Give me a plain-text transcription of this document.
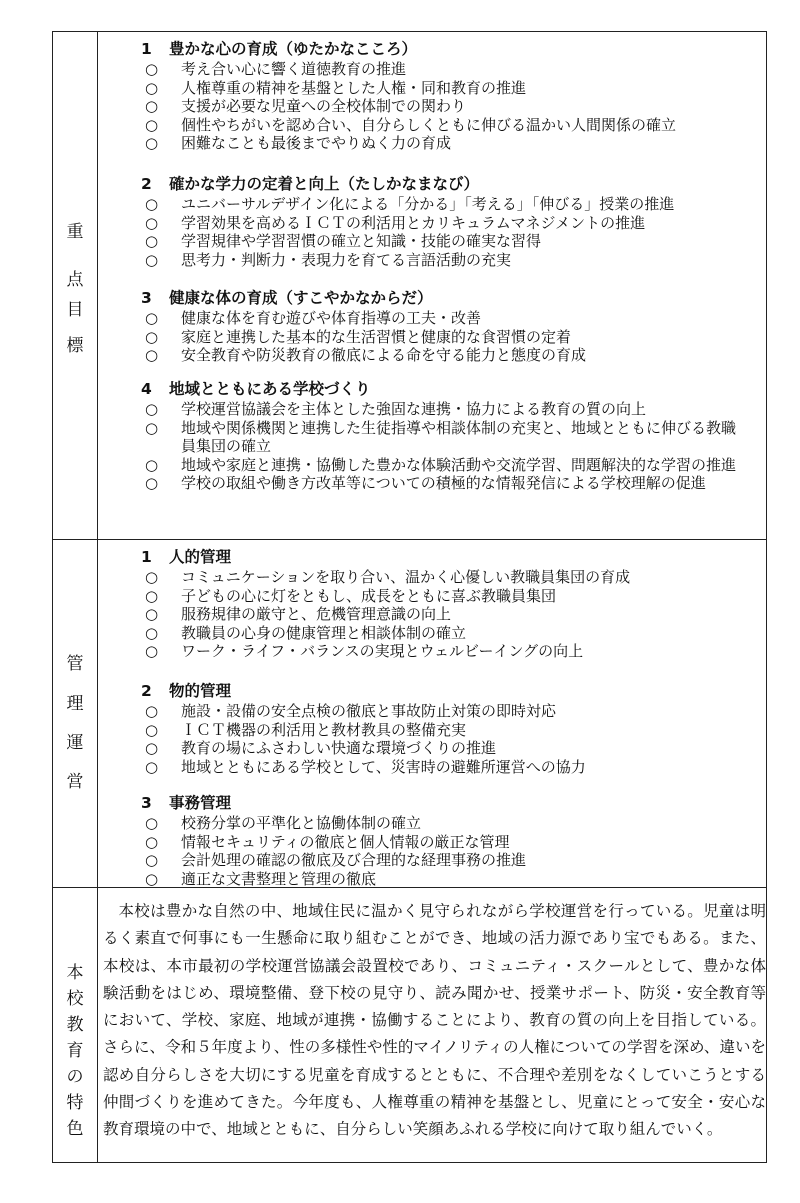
重
点
目
標
1 豊かな心の育成（ゆたかなこころ）
○ 考え合い心に響く道徳教育の推進
○ 人権尊重の精神を基盤とした人権・同和教育の推進
○ 支援が必要な児童への全校体制での関わり
○ 個性やちがいを認め合い、自分らしくともに伸びる温かい人間関係の確立
○ 困難なことも最後までやりぬく力の育成
2 確かな学力の定着と向上（たしかなまなび）
○ ユニバーサルデザイン化による「分かる」「考える」「伸びる」授業の推進
○ 学習効果を高めるＩＣＴの利活用とカリキュラムマネジメントの推進
○ 学習規律や学習習慣の確立と知識・技能の確実な習得
○ 思考力・判断力・表現力を育てる言語活動の充実
3 健康な体の育成（すこやかなからだ）
○ 健康な体を育む遊びや体育指導の工夫・改善
○ 家庭と連携した基本的な生活習慣と健康的な食習慣の定着
○ 安全教育や防災教育の徹底による命を守る能力と態度の育成
4 地域とともにある学校づくり
○ 学校運営協議会を主体とした強固な連携・協力による教育の質の向上
○ 地域や関係機関と連携した生徒指導や相談体制の充実と、地域とともに伸びる教職員集団の確立
○ 地域や家庭と連携・協働した豊かな体験活動や交流学習、問題解決的な学習の推進
○ 学校の取組や働き方改革等についての積極的な情報発信による学校理解の促進
管
理
運
営
1 人的管理
○ コミュニケーションを取り合い、温かく心優しい教職員集団の育成
○ 子どもの心に灯をともし、成長をともに喜ぶ教職員集団
○ 服務規律の厳守と、危機管理意識の向上
○ 教職員の心身の健康管理と相談体制の確立
○ ワーク・ライフ・バランスの実現とウェルビーイングの向上
2 物的管理
○ 施設・設備の安全点検の徹底と事故防止対策の即時対応
○ ＩＣＴ機器の利活用と教材教具の整備充実
○ 教育の場にふさわしい快適な環境づくりの推進
○ 地域とともにある学校として、災害時の避難所運営への協力
3 事務管理
○ 校務分掌の平準化と協働体制の確立
○ 情報セキュリティの徹底と個人情報の厳正な管理
○ 会計処理の確認の徹底及び合理的な経理事務の推進
○ 適正な文書整理と管理の徹底
本
校
教
育
の
特
色
本校は豊かな自然の中、地域住民に温かく見守られながら学校運営を行っている。児童は明るく素直で何事にも一生懸命に取り組むことができ、地域の活力源であり宝でもある。また、本校は、本市最初の学校運営協議会設置校であり、コミュニティ・スクールとして、豊かな体験活動をはじめ、環境整備、登下校の見守り、読み聞かせ、授業サポート、防災・安全教育等において、学校、家庭、地域が連携・協働することにより、教育の質の向上を目指している。さらに、令和５年度より、性の多様性や性的マイノリティの人権についての学習を深め、違いを認め自分らしさを大切にする児童を育成するとともに、不合理や差別をなくしていこうとする仲間づくりを進めてきた。今年度も、人権尊重の精神を基盤とし、児童にとって安全・安心な教育環境の中で、地域とともに、自分らしい笑顔あふれる学校に向けて取り組んでいく。
